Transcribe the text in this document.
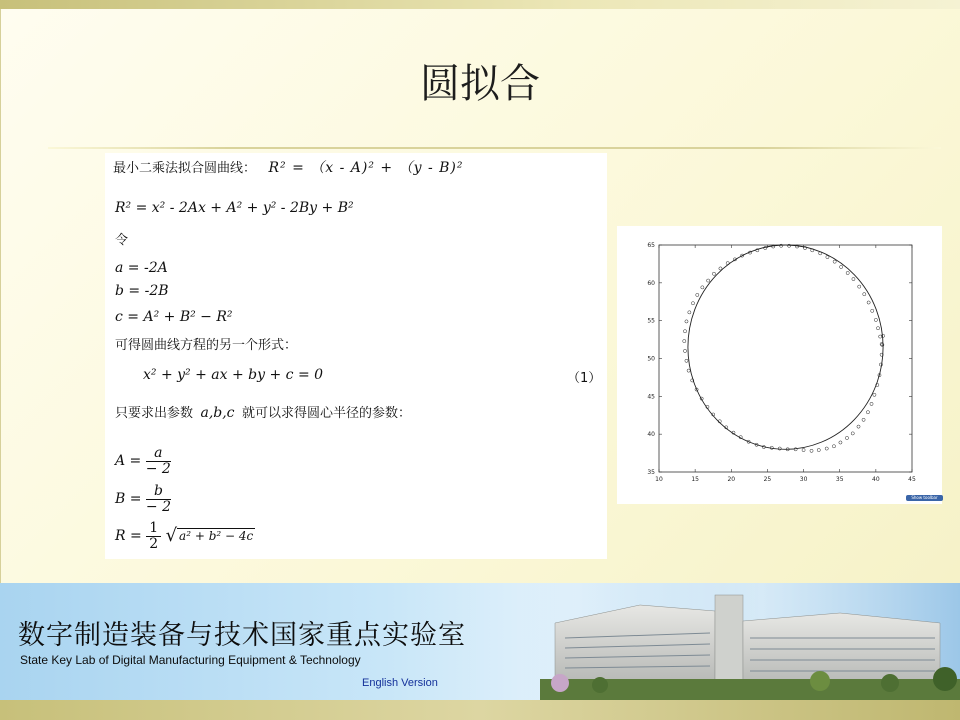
圆拟合
最小二乘法拟合圆曲线： R² = （x - A)² + （y - B)²
R² = x² - 2Ax + A² + y² - 2By + B²
令
a = -2A
b = -2B
c = A² + B² − R²
可得圆曲线方程的另一个形式：
x² + y² + ax + by + c = 0	（1）
只要求出参数 a,b,c 就可以求得圆心半径的参数：
$A = \frac{a}{- 2}$
$B = \frac{b}{- 2}$
$R = \frac{1}{2}$ √ a² + b² − 4c
10	15	20	25	30	35	40	45
35
40
45
50
55
60
65
Show toolbar
数字制造装备与技术国家重点实验室
State Key Lab of Digital Manufacturing Equipment & Technology
English Version
